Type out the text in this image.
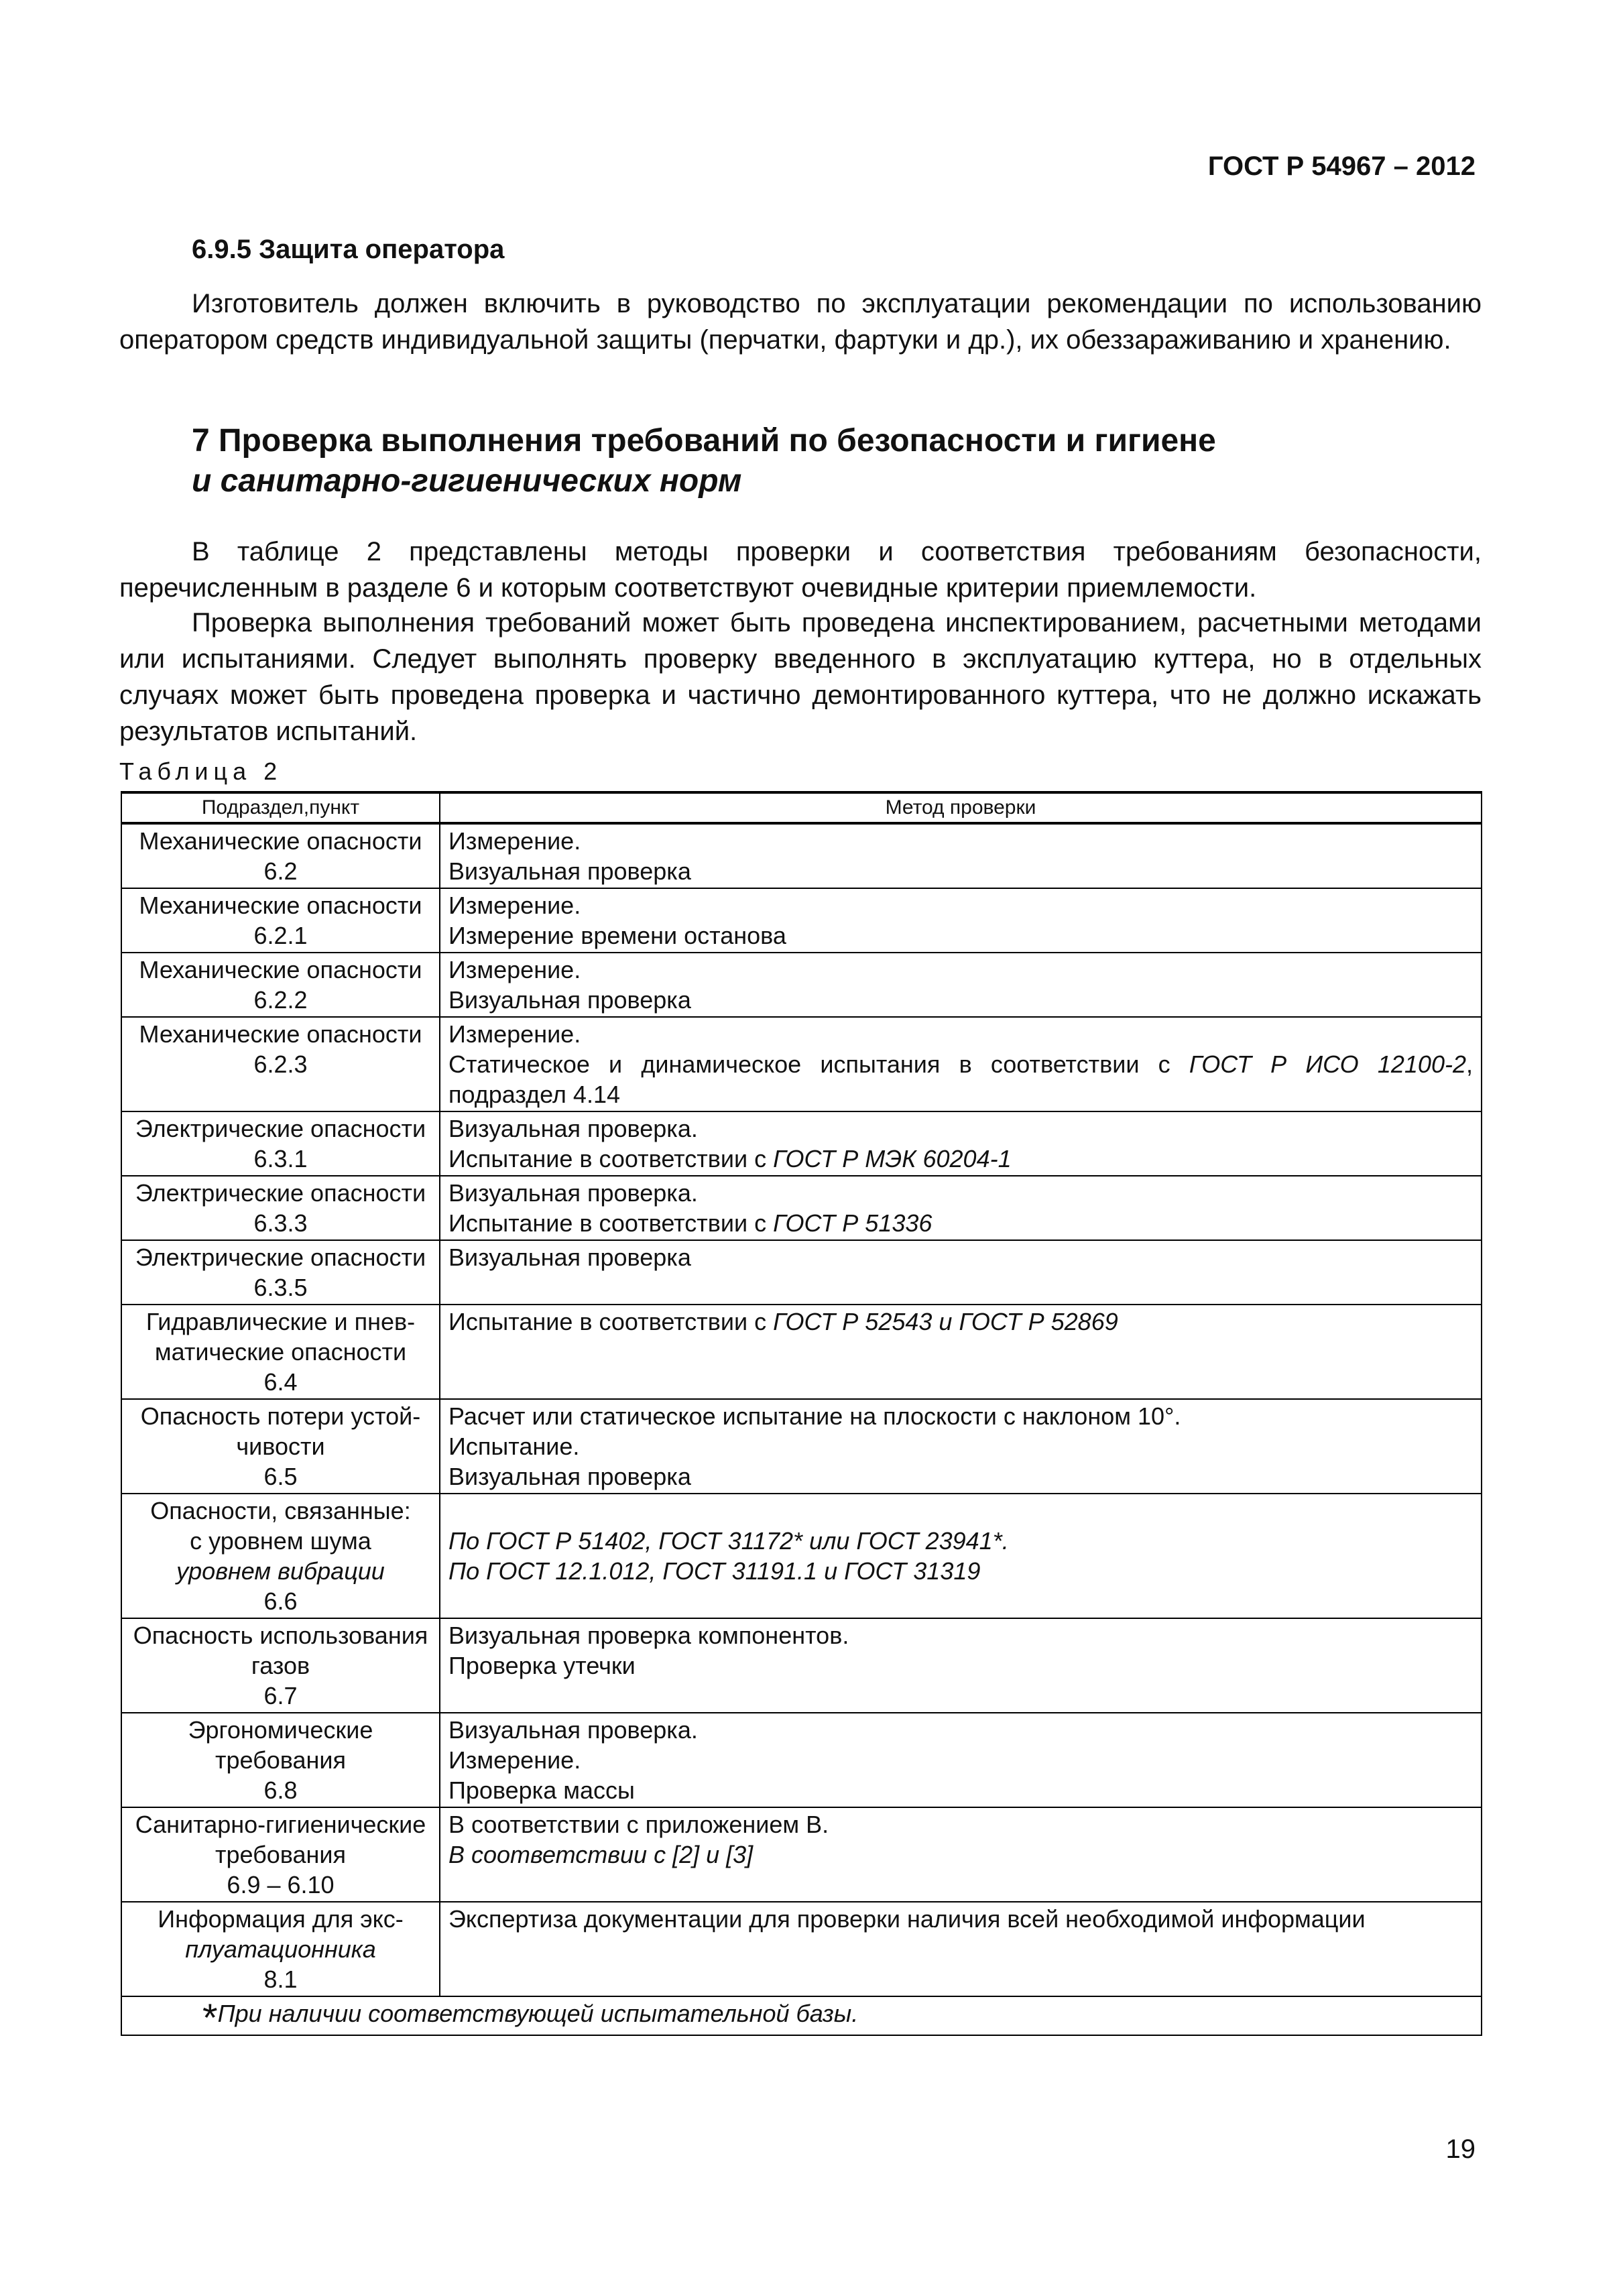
ГОСТ Р 54967 – 2012
6.9.5 Защита оператора

Изготовитель должен включить в руководство по эксплуатации рекомендации по использованию оператором средств индивидуальной защиты (перчатки, фартуки и др.), их обеззараживанию и хранению.

7 Проверка выполнения требований по безопасности и гигиене
и санитарно-гигиенических норм

В таблице 2 представлены методы проверки и соответствия требованиям безопасности, перечисленным в разделе 6 и которым соответствуют очевидные критерии приемлемости.

Проверка выполнения требований может быть проведена инспектированием, расчетными методами или испытаниями. Следует выполнять проверку введенного в эксплуатацию куттера, но в отдельных случаях может быть проведена проверка и частично демонтированного куттера, что не должно искажать результатов испытаний.

Таблица 2
Подраздел,пункт	Метод проверки

Механические опасности
6.2	Измерение.
Визуальная проверка

Механические опасности
6.2.1	Измерение.
Измерение времени останова

Механические опасности
6.2.2	Измерение.
Визуальная проверка

Механические опасности
6.2.3	Измерение.
Статическое и динамическое испытания в соответствии с ГОСТ Р ИСО 12100-2, подраздел 4.14

Электрические опасности
6.3.1	Визуальная проверка.
Испытание в соответствии с ГОСТ Р МЭК 60204-1

Электрические опасности
6.3.3	Визуальная проверка.
Испытание в соответствии с ГОСТ Р 51336

Электрические опасности
6.3.5	Визуальная проверка

Гидравлические и пнев-
матические опасности
6.4	Испытание в соответствии с ГОСТ Р 52543 и ГОСТ Р 52869

Опасность потери устой-
чивости
6.5	Расчет или статическое испытание на плоскости с наклоном 10°.
Испытание.
Визуальная проверка

Опасности, связанные:
с уровнем шума
уровнем вибрации
6.6	По ГОСТ Р 51402, ГОСТ 31172* или ГОСТ 23941*.
По ГОСТ 12.1.012, ГОСТ 31191.1 и ГОСТ 31319

Опасность использования
газов
6.7	Визуальная проверка компонентов.
Проверка утечки

Эргономические
требования
6.8	Визуальная проверка.
Измерение.
Проверка массы

Санитарно-гигиенические
требования
6.9 – 6.10	В соответствии с приложением В.
В соответствии с [2] и [3]

Информация для экс-
плуатационника
8.1	Экспертиза документации для проверки наличия всей необходимой информации

*При наличии соответствующей испытательной базы.	
19
